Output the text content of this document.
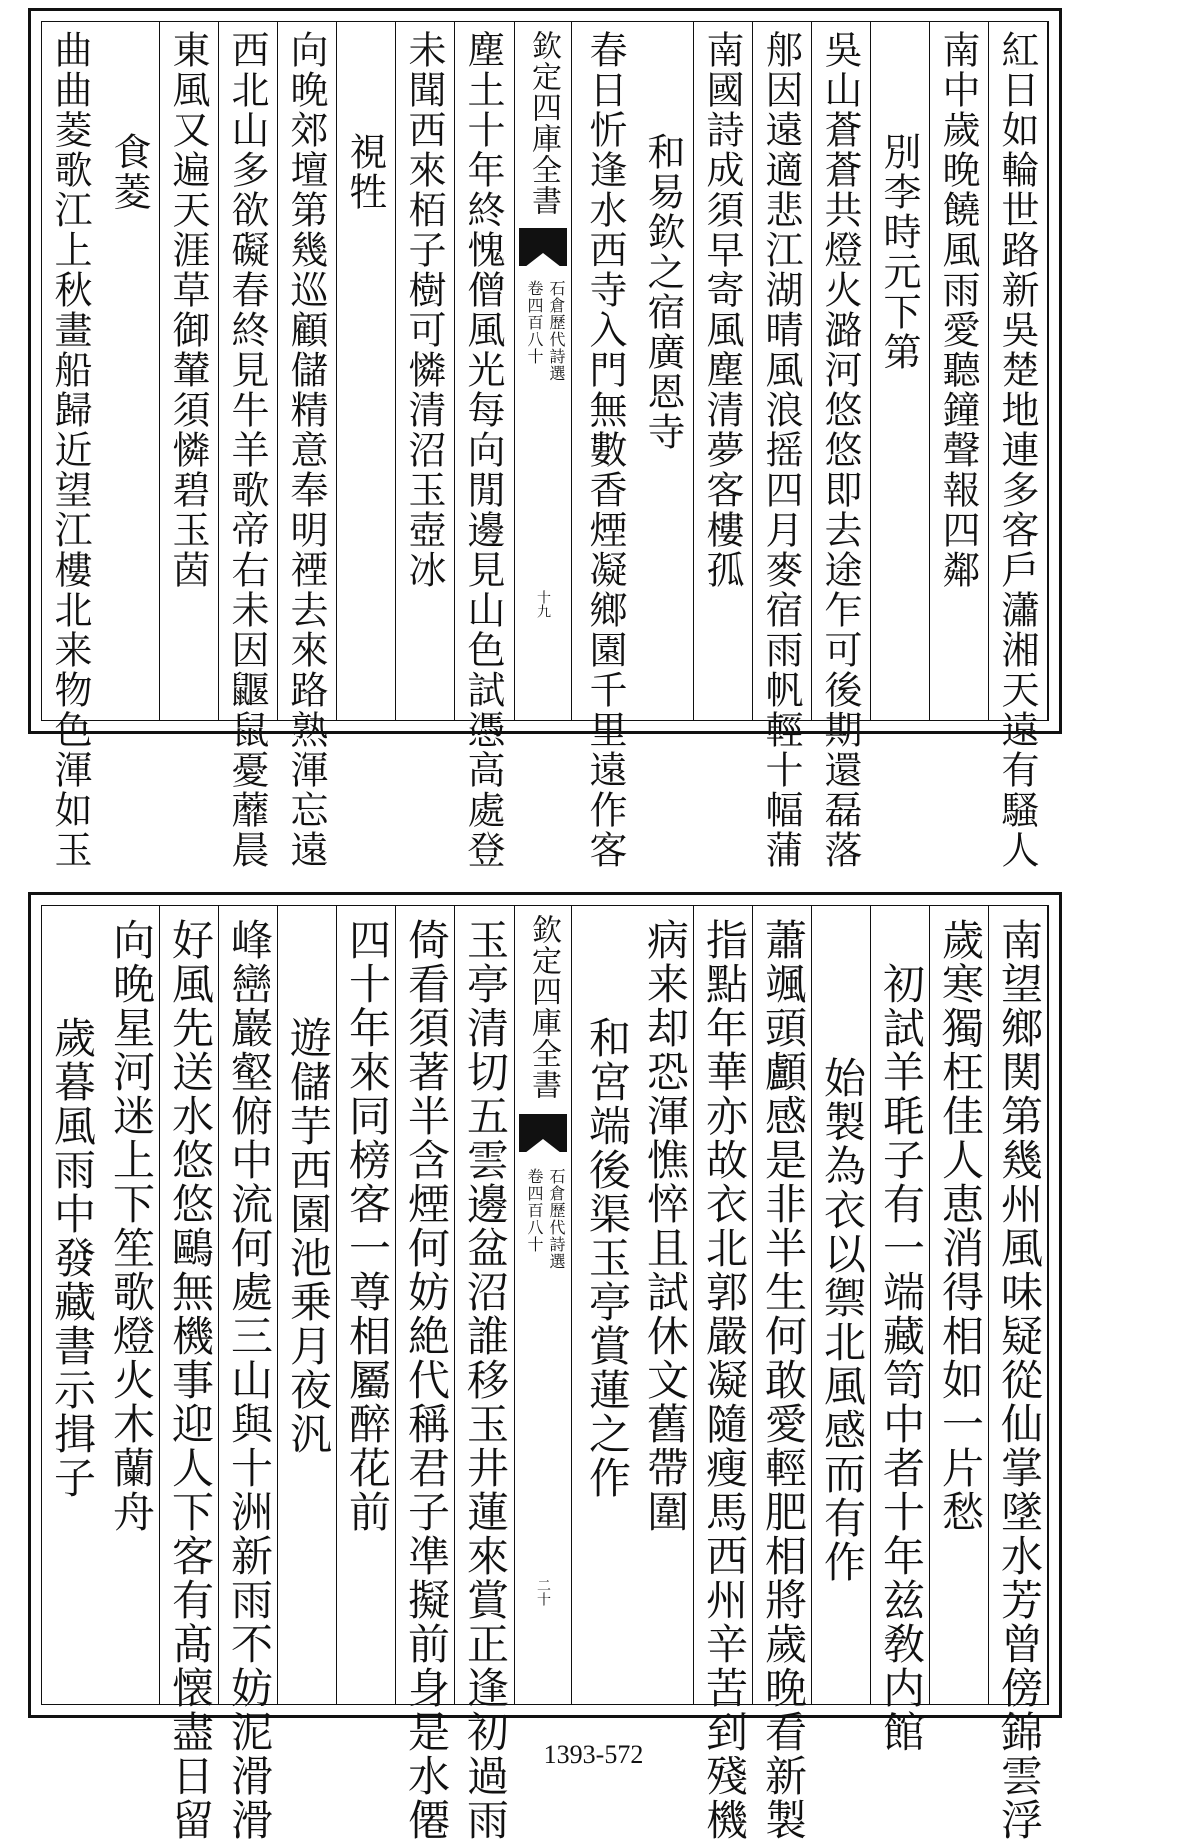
紅日如輪世路新吳楚地連多客戶瀟湘天遠有騷人
南中歲晚饒風雨愛聽鐘聲報四鄰
別李時元下第
吳山蒼蒼共燈火潞河悠悠即去途乍可後期還磊落
郍因遠適悲江湖晴風浪摇四月麥宿雨帆輕十幅蒲
南國詩成須早寄風塵清夢客樓孤
和易欽之宿廣恩寺
春日忻逢水西寺入門無數香煙凝鄉園千里遠作客
欽定四庫全書
石倉歷代詩選
卷四百八十
十九
塵土十年終愧僧風光每向閒邊見山色試憑高處登
未聞西來栢子樹可憐清沼玉壺冰
視牲
向晚郊壇第幾巡顧儲精意奉明禋去來路熟渾忘遠
西北山多欲礙春終見牛羊歌帝右未因鼴鼠憂蘼晨
東風又遍天涯草御輦須憐碧玉茵
食菱
曲曲菱歌江上秋畫船歸近望江樓北来物色渾如玉
南望鄉関第幾州風味疑從仙掌墜水芳曾傍錦雲浮
歲寒獨枉佳人恵消得相如一片愁
初試羊毦子有一端藏笥中者十年兹敎内館
始製為衣以禦北風感而有作
蕭颯頭顱感是非半生何敢愛輕肥相將歲晚看新製
指點年華亦故衣北郭嚴凝隨瘦馬西州辛苦到殘機
病来却恐渾憔悴且試休文舊帶圍
和宮端後渠玉亭賞蓮之作
欽定四庫全書
石倉歷代詩選
卷四百八十
二十
玉亭清切五雲邊盆沼誰移玉井蓮來賞正逢初過雨
倚看須著半含煙何妨絶代稱君子凖擬前身是水僊
四十年來同榜客一尊相屬醉花前
遊儲芋西園池乗月夜汎
峰巒巖壑俯中流何處三山與十洲新雨不妨泥滑滑
好風先送水悠悠鷗無機事迎人下客有髙懐盡日留
向晚星河迷上下笙歌燈火木蘭舟
歲暮風雨中發藏書示揖子
1393-572
